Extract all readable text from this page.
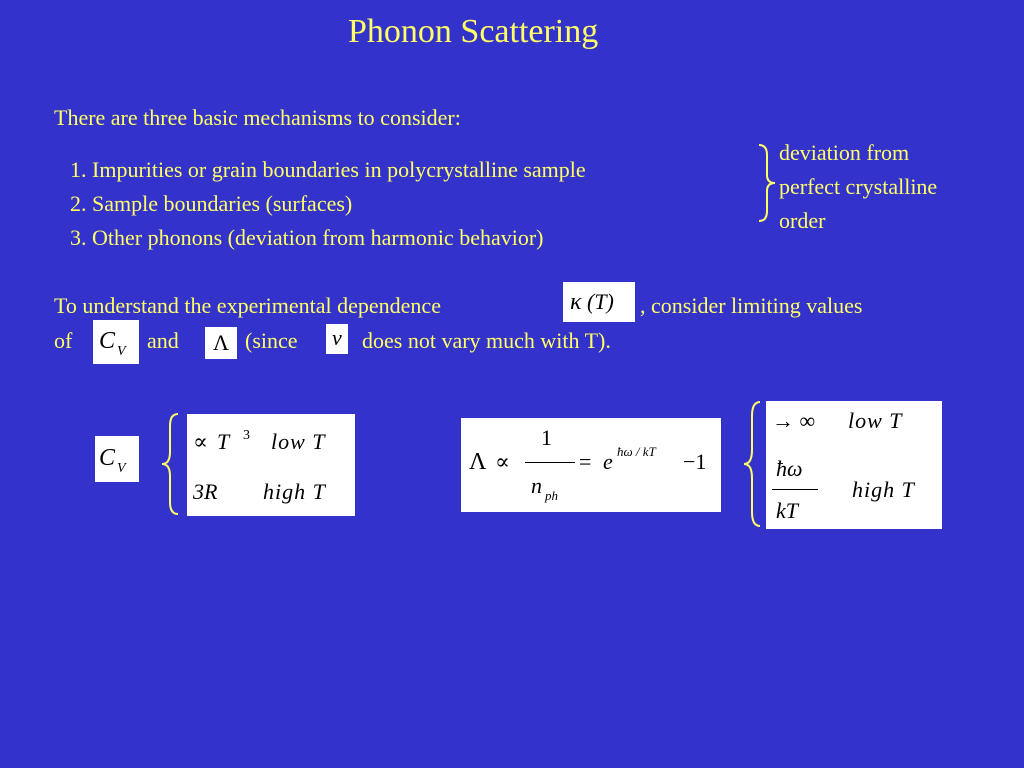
Phonon Scattering
There are three basic mechanisms to consider:
1. Impurities or grain boundaries in polycrystalline sample
2. Sample boundaries (surfaces)
3. Other phonons (deviation from harmonic behavior)
deviation from
perfect crystalline
order
To understand the experimental dependence	κ (T) , consider limiting values
of C V and Λ (since v does not vary much with T).
C V
∝ T 3 low T
3R high T
Λ ∝
1
n ph
= e ħω / kT −1
→ ∞ low T
ħω
kT
high T
